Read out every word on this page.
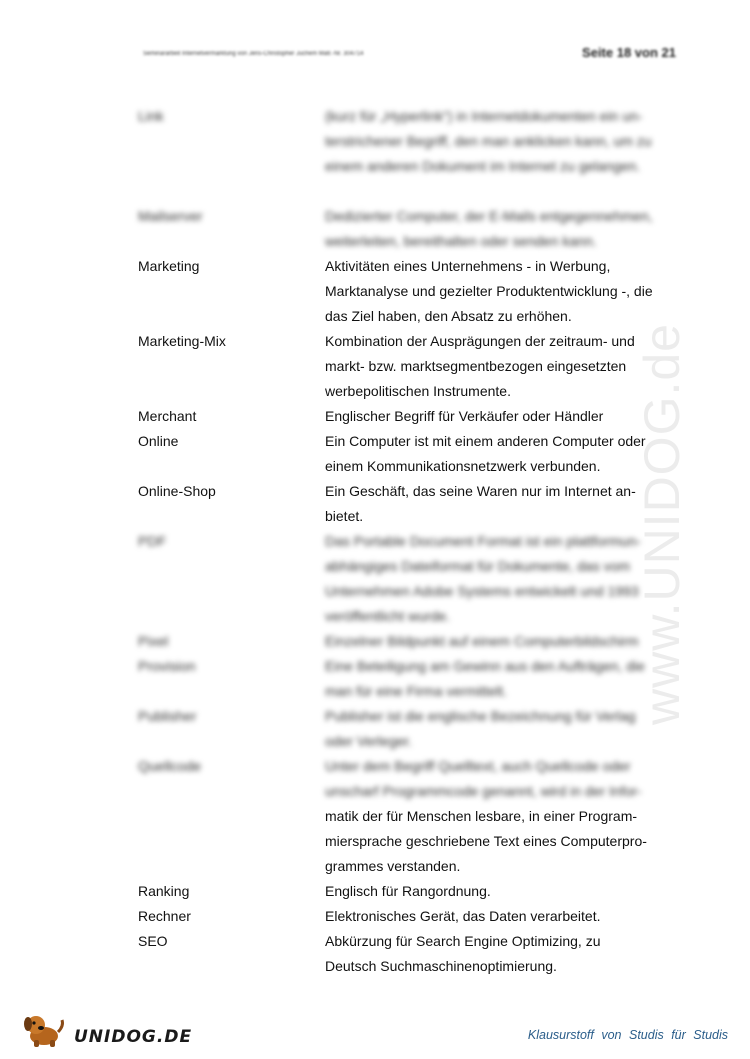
Seminararbeit Internetvermarktung von Jens-Christopher Juchem Matr.-Nr. 304714	Seite 18 von 21
www.UNIDOG.de
Link	(kurz für „Hyperlink“) in Internetdokumenten ein un-
terstrichener Begriff, den man anklicken kann, um zu
einem anderen Dokument im Internet zu gelangen.
Mailserver	Dedizierter Computer, der E-Mails entgegennehmen,
weiterleiten, bereithalten oder senden kann.
Marketing	Aktivitäten eines Unternehmens - in Werbung,
Marktanalyse und gezielter Produktentwicklung -, die
das Ziel haben, den Absatz zu erhöhen.
Marketing-Mix	Kombination der Ausprägungen der zeitraum- und
markt- bzw. marktsegmentbezogen eingesetzten
werbepolitischen Instrumente.
Merchant	Englischer Begriff für Verkäufer oder Händler
Online	Ein Computer ist mit einem anderen Computer oder
einem Kommunikationsnetzwerk verbunden.
Online-Shop	Ein Geschäft, das seine Waren nur im Internet an-
bietet.
PDF	Das Portable Document Format ist ein plattformun-
abhängiges Dateiformat für Dokumente, das vom
Unternehmen Adobe Systems entwickelt und 1993
veröffentlicht wurde.
Pixel	Einzelner Bildpunkt auf einem Computerbildschirm
Provision	Eine Beteiligung am Gewinn aus den Aufträgen, die
man für eine Firma vermittelt.
Publisher	Publisher ist die englische Bezeichnung für Verlag
oder Verleger.
Quellcode	Unter dem Begriff Quelltext, auch Quellcode oder
unscharf Programmcode genannt, wird in der Infor-
matik der für Menschen lesbare, in einer Program-
miersprache geschriebene Text eines Computerpro-
grammes verstanden.
Ranking	Englisch für Rangordnung.
Rechner	Elektronisches Gerät, das Daten verarbeitet.
SEO	Abkürzung für Search Engine Optimizing, zu
Deutsch Suchmaschinenoptimierung.
UNIDOG.DE	Klausurstoff von Studis für Studis
